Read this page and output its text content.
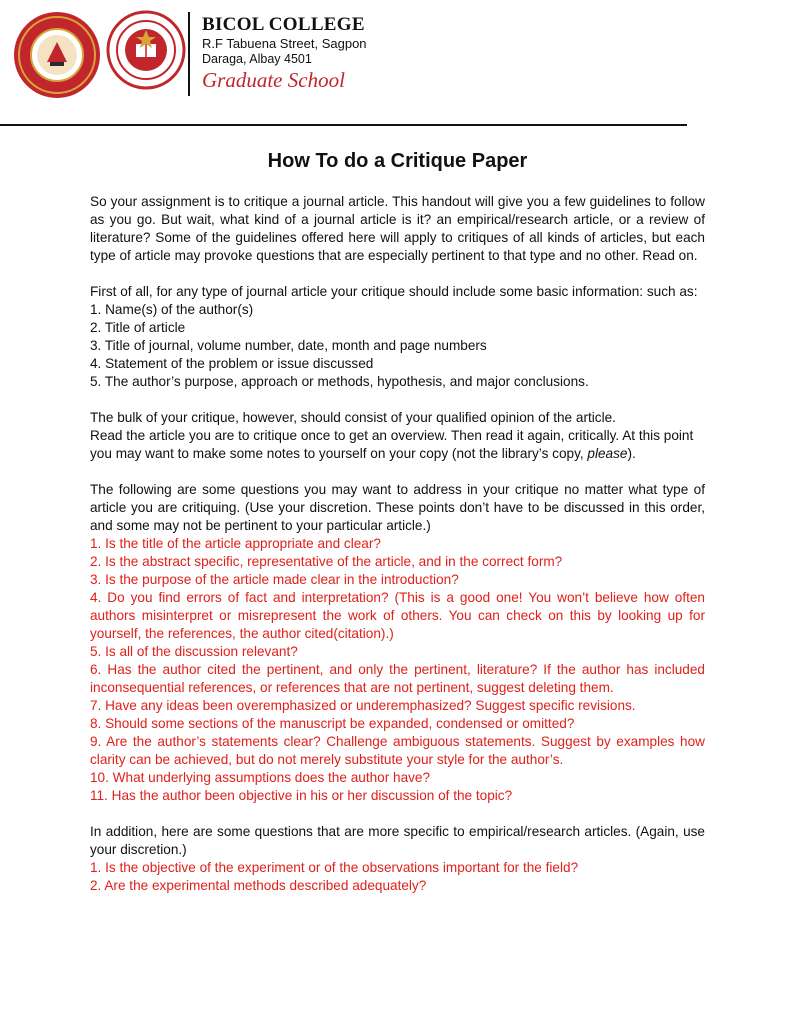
BICOL COLLEGE
R.F Tabuena Street, Sagpon
Daraga, Albay 4501
Graduate School
How To do a Critique Paper

So your assignment is to critique a journal article. This handout will give you a few guidelines to follow as you go. But wait, what kind of a journal article is it? an empirical/research article, or a review of literature? Some of the guidelines offered here will apply to critiques of all kinds of articles, but each type of article may provoke questions that are especially pertinent to that type and no other. Read on.

First of all, for any type of journal article your critique should include some basic information: such as:

1. Name(s) of the author(s)
2. Title of article
3. Title of journal, volume number, date, month and page numbers
4. Statement of the problem or issue discussed
5. The author’s purpose, approach or methods, hypothesis, and major conclusions.

The bulk of your critique, however, should consist of your qualified opinion of the article.
Read the article you are to critique once to get an overview. Then read it again, critically. At this point you may want to make some notes to yourself on your copy (not the library’s copy, please).

The following are some questions you may want to address in your critique no matter what type of article you are critiquing. (Use your discretion. These points don’t have to be discussed in this order, and some may not be pertinent to your particular article.)

1. Is the title of the article appropriate and clear?
2. Is the abstract specific, representative of the article, and in the correct form?
3. Is the purpose of the article made clear in the introduction?
4. Do you find errors of fact and interpretation? (This is a good one! You won’t believe how often authors misinterpret or misrepresent the work of others. You can check on this by looking up for yourself, the references, the author cited(citation).)
5. Is all of the discussion relevant?
6. Has the author cited the pertinent, and only the pertinent, literature? If the author has included inconsequential references, or references that are not pertinent, suggest deleting them.
7. Have any ideas been overemphasized or underemphasized? Suggest specific revisions.
8. Should some sections of the manuscript be expanded, condensed or omitted?
9. Are the author’s statements clear? Challenge ambiguous statements. Suggest by examples how clarity can be achieved, but do not merely substitute your style for the author’s.
10. What underlying assumptions does the author have?
11. Has the author been objective in his or her discussion of the topic?

In addition, here are some questions that are more specific to empirical/research articles. (Again, use your discretion.)

1. Is the objective of the experiment or of the observations important for the field?
2. Are the experimental methods described adequately?
